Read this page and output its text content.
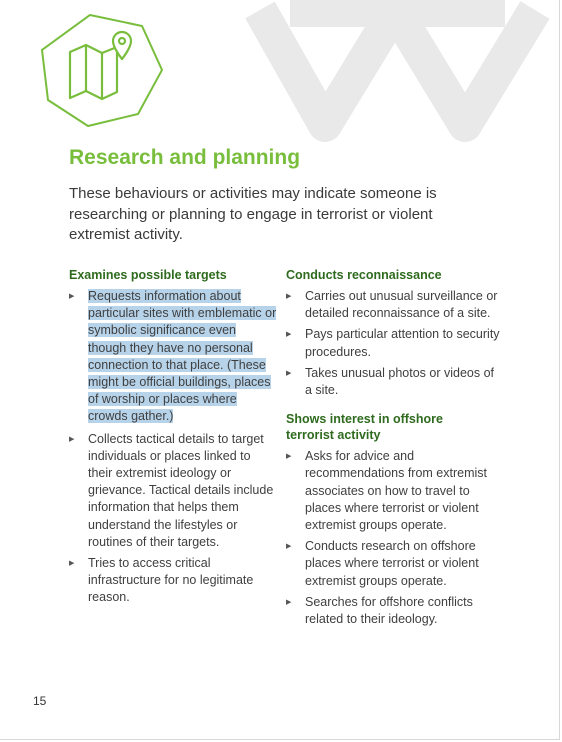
Research and planning

These behaviours or activities may indicate someone is researching or planning to engage in terrorist or violent extremist activity.

Examines possible targets
▶ Requests information about particular sites with emblematic or symbolic significance even though they have no personal connection to that place. (These might be official buildings, places of worship or places where crowds gather.)
▶ Collects tactical details to target individuals or places linked to their extremist ideology or grievance. Tactical details include information that helps them understand the lifestyles or routines of their targets.
▶ Tries to access critical infrastructure for no legitimate reason.
Conducts reconnaissance
▶ Carries out unusual surveillance or detailed reconnaissance of a site.
▶ Pays particular attention to security procedures.
▶ Takes unusual photos or videos of a site.
Shows interest in offshore terrorist activity
▶ Asks for advice and recommendations from extremist associates on how to travel to places where terrorist or violent extremist groups operate.
▶ Conducts research on offshore places where terrorist or violent extremist groups operate.
▶ Searches for offshore conflicts related to their ideology.
15
